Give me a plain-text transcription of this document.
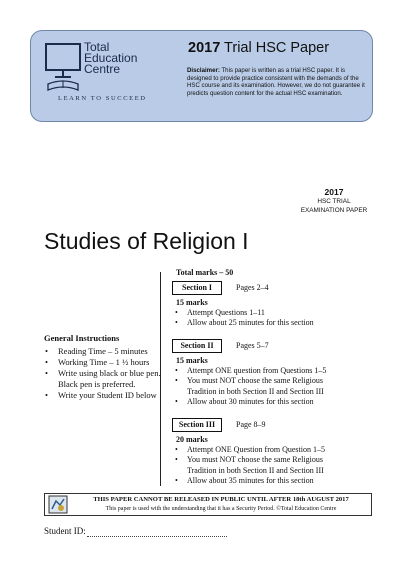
Total
Education
Centre
LEARN TO SUCCEED
2017 Trial HSC Paper
Disclaimer: This paper is written as a trial HSC paper. It is designed to provide practice consistent with the demands of the HSC course and its examination. However, we do not guarantee it predicts question content for the actual HSC examination.
2017
HSC TRIAL
EXAMINATION PAPER
Studies of Religion I
General Instructions
• Reading Time – 5 minutes
• Working Time – 1 ½ hours
• Write using black or blue pen. Black pen is preferred.
• Write your Student ID below
Total marks – 50
Section I	Pages 2–4
15 marks
• Attempt Questions 1–11
• Allow about 25 minutes for this section
Section II	Pages 5–7
15 marks
• Attempt ONE question from Questions 1–5
• You must NOT choose the same Religious Tradition in both Section II and Section III
• Allow about 30 minutes for this section
Section III	Page 8–9
20 marks
• Attempt ONE Question from Question 1–5
• You must NOT choose the same Religious Tradition in both Section II and Section III
• Allow about 35 minutes for this section
THIS PAPER CANNOT BE RELEASED IN PUBLIC UNTIL AFTER 18th AUGUST 2017
This paper is used with the understanding that it has a Security Period. ©Total Education Centre
Student ID:
